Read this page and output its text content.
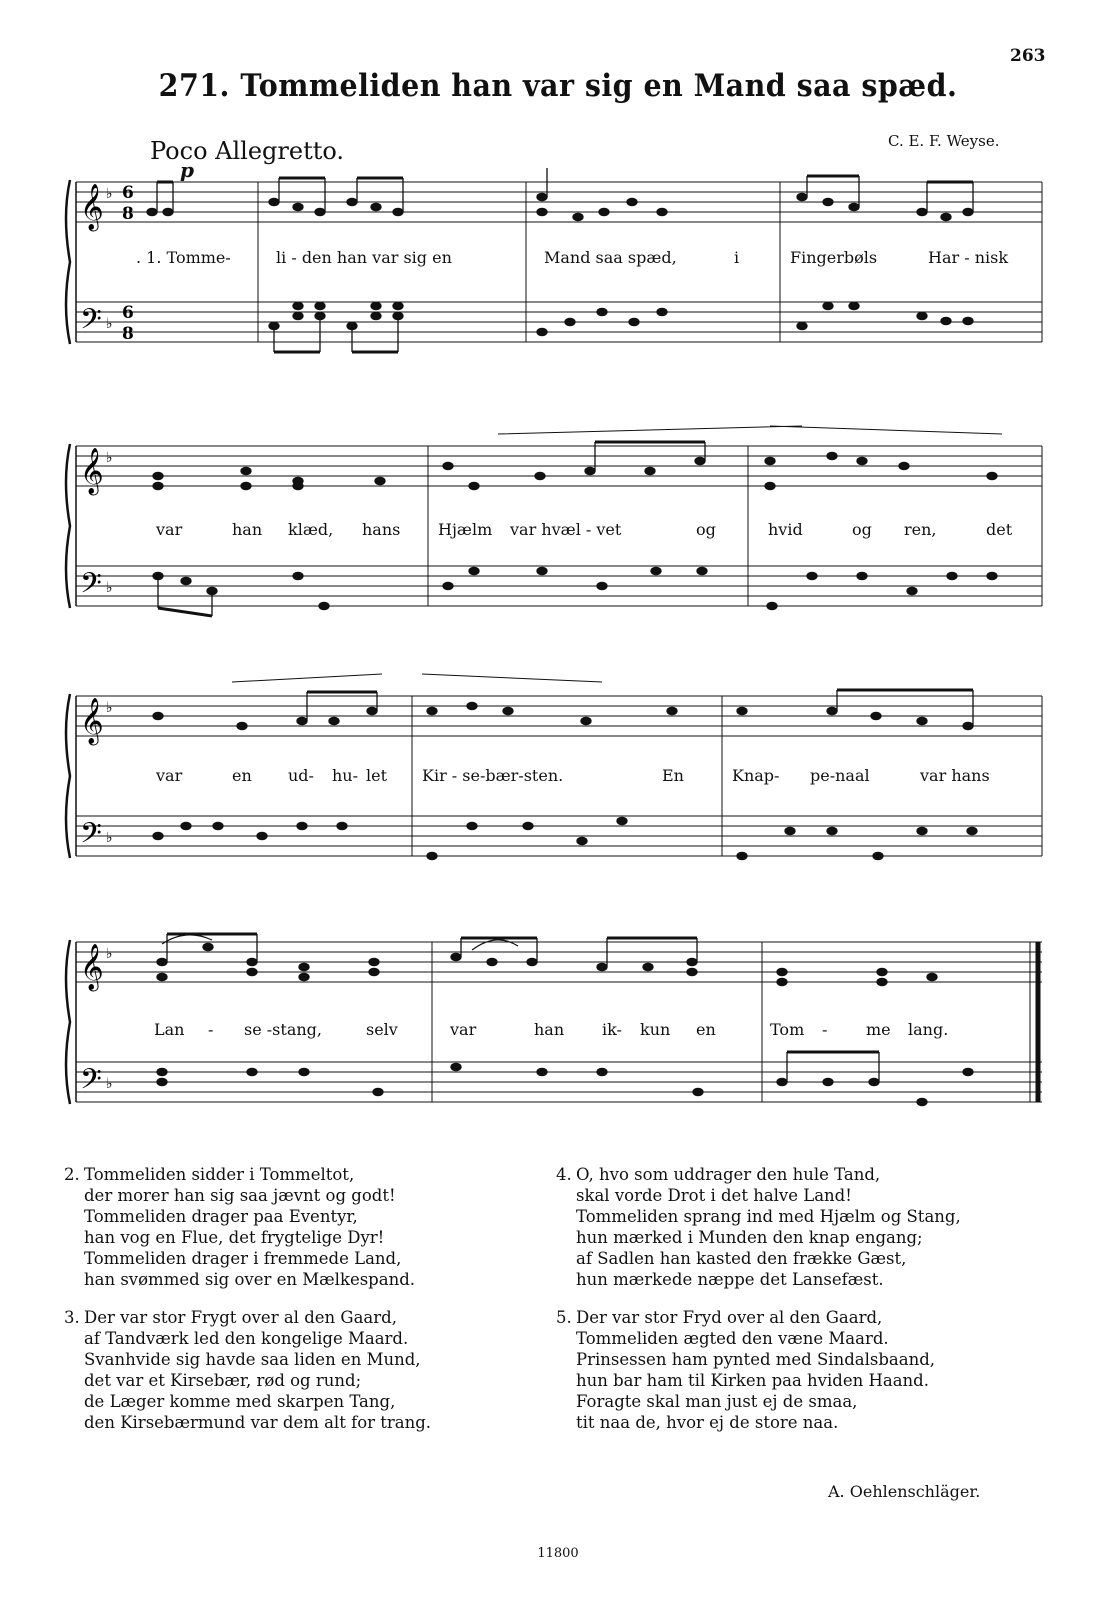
263
271. Tommeliden han var sig en Mand saa spæd.
Poco Allegretto.	C. E. F. Weyse.
𝄞
𝄢
♭
♭
6
8
6
8
p
. 1. Tomme-	li - den han var sig en	Mand saa spæd,	i	Fingerbøls	Har - nisk
𝄞
𝄢
♭
♭
var	han klæd, hans Hjælm var hvæl - vet	og	hvid	og ren,	det
𝄞
𝄢
♭
♭
var	en ud- hu- let Kir - se-bær-sten.	En	Knap- pe-naal	var hans
𝄞
𝄢
♭
♭
Lan - se -stang,	selv	var	han ik- kun en	Tom - me lang.
2. Tommeliden sidder i Tommeltot,
der morer han sig saa jævnt og godt!
Tommeliden drager paa Eventyr,
han vog en Flue, det frygtelige Dyr!
Tommeliden drager i fremmede Land,
han svømmed sig over en Mælkespand.
3. Der var stor Frygt over al den Gaard,
af Tandværk led den kongelige Maard.
Svanhvide sig havde saa liden en Mund,
det var et Kirsebær, rød og rund;
de Læger komme med skarpen Tang,
den Kirsebærmund var dem alt for trang.
4. O, hvo som uddrager den hule Tand,
skal vorde Drot i det halve Land!
Tommeliden sprang ind med Hjælm og Stang,
hun mærked i Munden den knap engang;
af Sadlen han kasted den frække Gæst,
hun mærkede næppe det Lansefæst.
5. Der var stor Fryd over al den Gaard,
Tommeliden ægted den væne Maard.
Prinsessen ham pynted med Sindalsbaand,
hun bar ham til Kirken paa hviden Haand.
Foragte skal man just ej de smaa,
tit naa de, hvor ej de store naa.
A. Oehlenschläger.
11800
